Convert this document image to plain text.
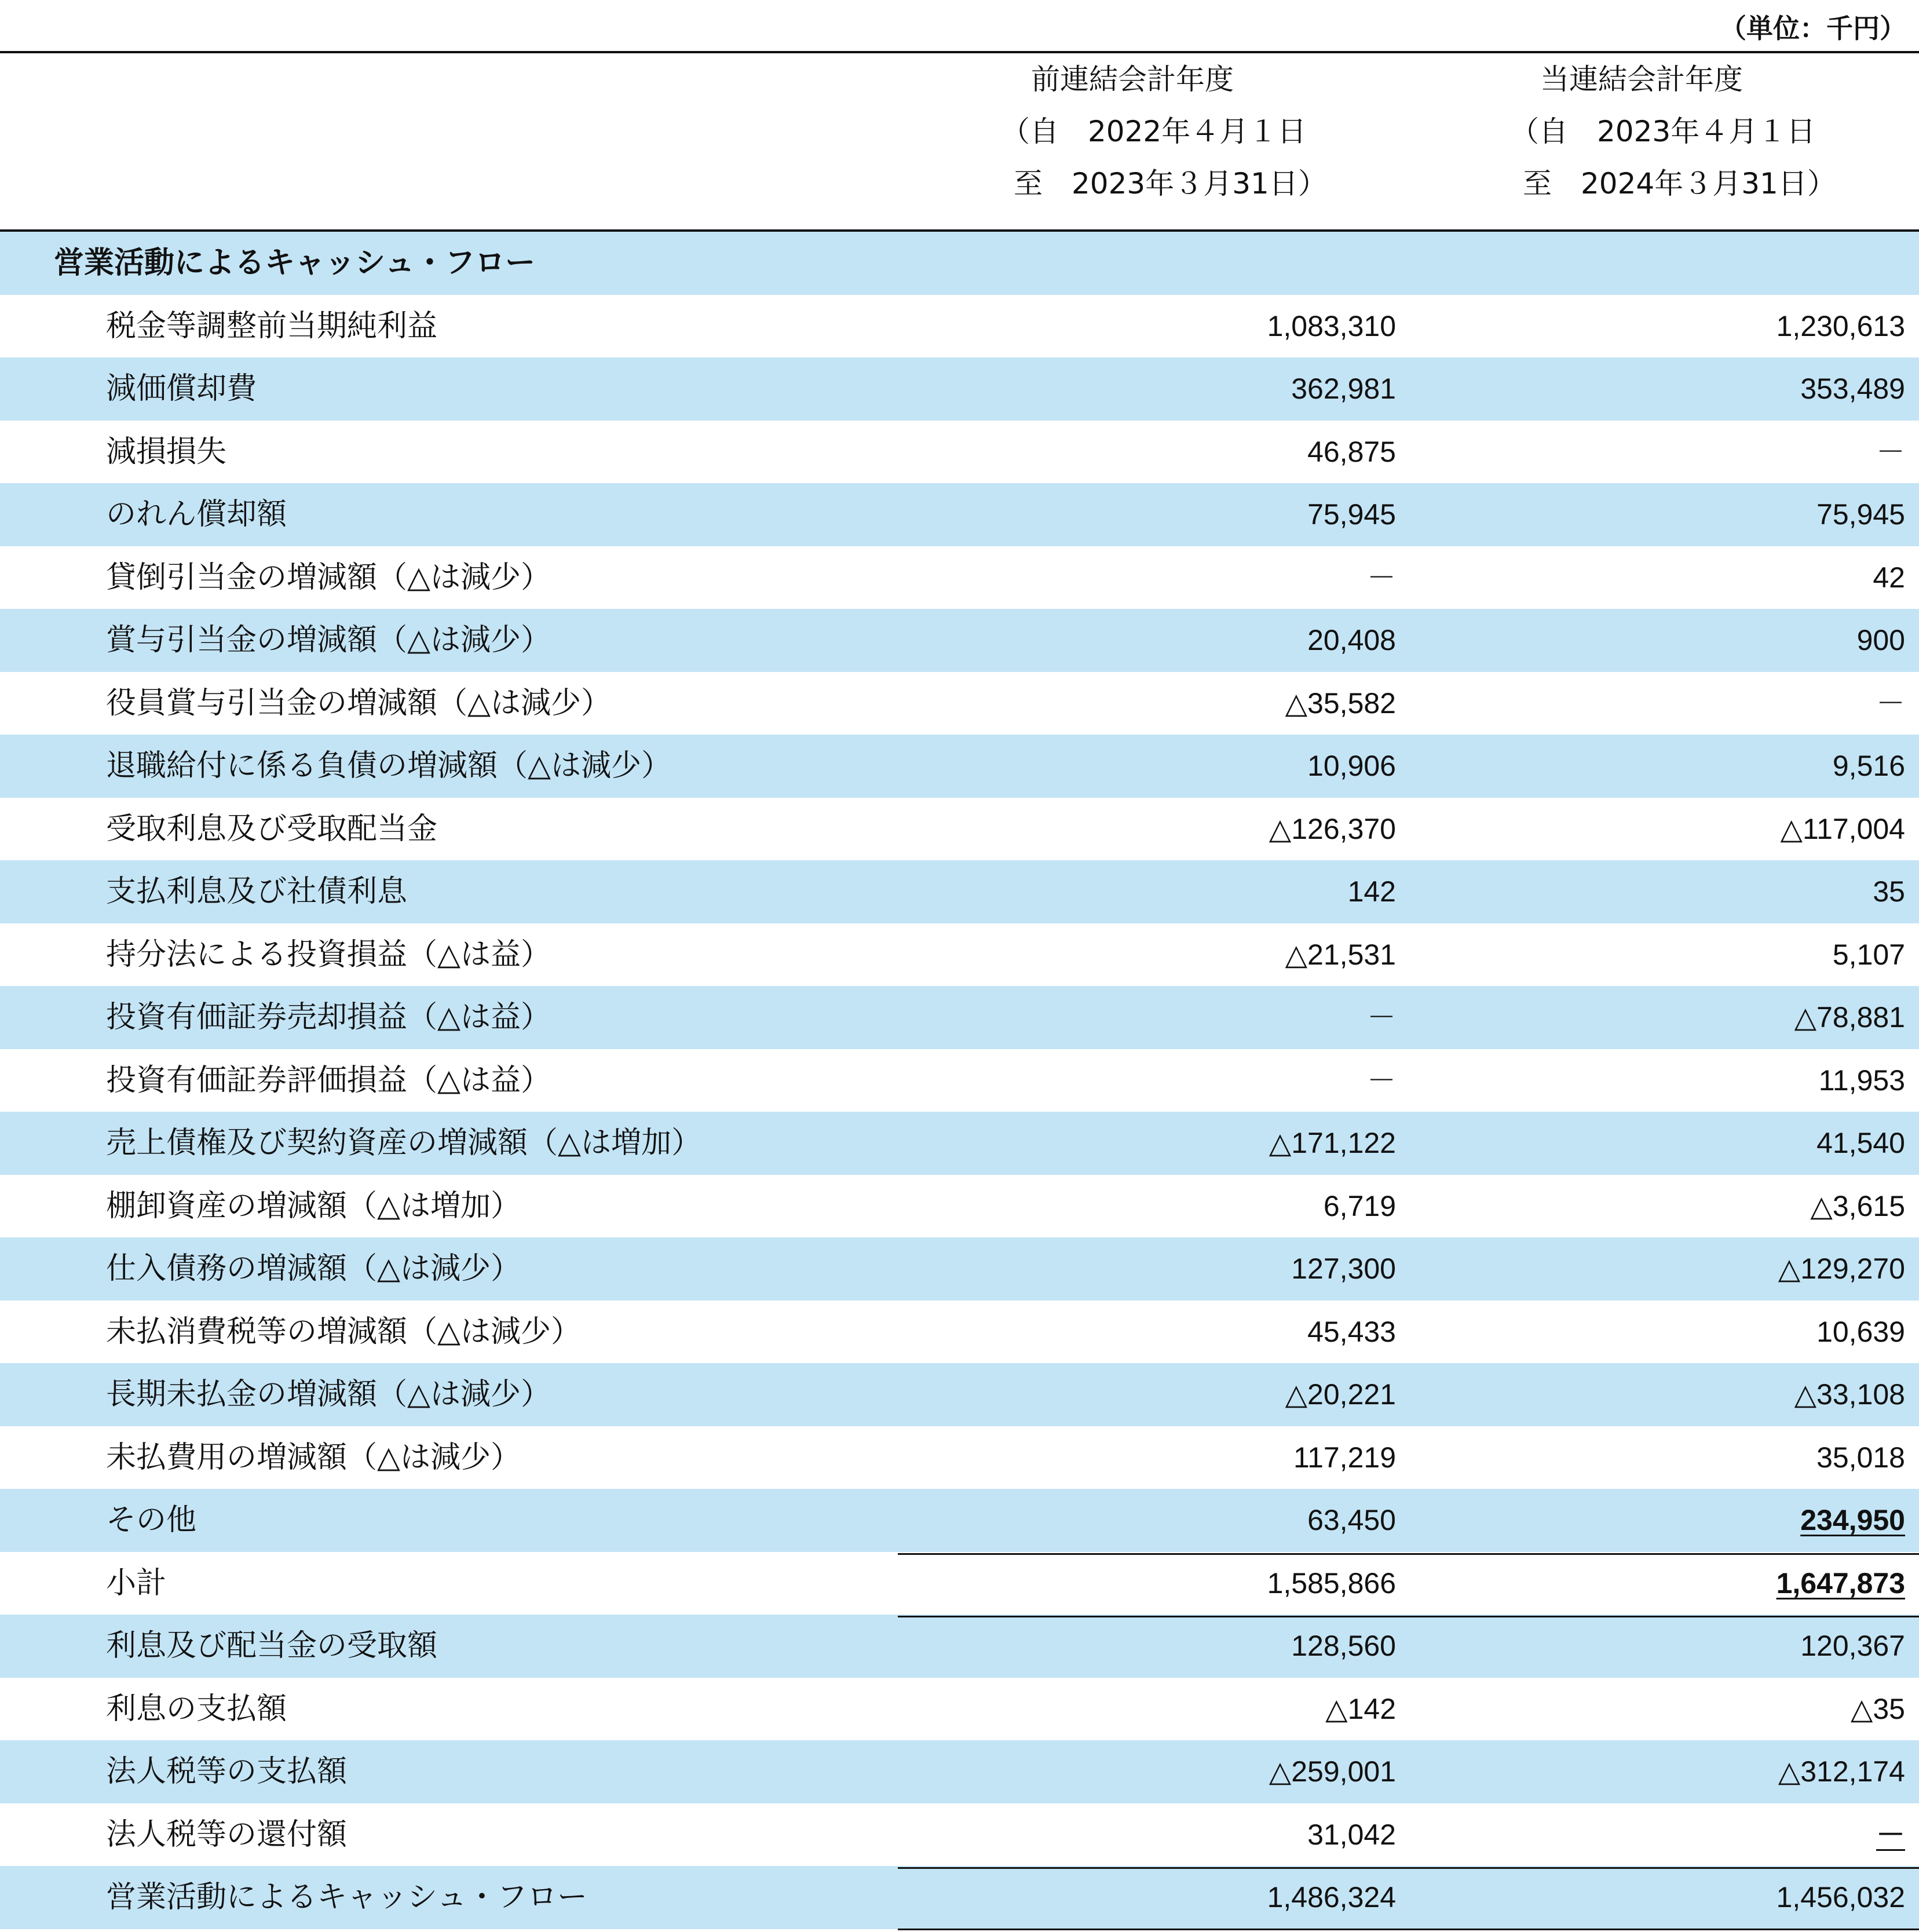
（単位：千円）
前連結会計年度
（自　2022年４月１日
至　2023年３月31日）
当連結会計年度
（自　2023年４月１日
至　2024年３月31日）
営業活動によるキャッシュ・フロー
税金等調整前当期純利益	1,083,310	1,230,613
減価償却費	362,981	353,489
減損損失	46,875	－
のれん償却額	75,945	75,945
貸倒引当金の増減額（△は減少）	－	42
賞与引当金の増減額（△は減少）	20,408	900
役員賞与引当金の増減額（△は減少）	△35,582	－
退職給付に係る負債の増減額（△は減少）	10,906	9,516
受取利息及び受取配当金	△126,370	△117,004
支払利息及び社債利息	142	35
持分法による投資損益（△は益）	△21,531	5,107
投資有価証券売却損益（△は益）	－	△78,881
投資有価証券評価損益（△は益）	－	11,953
売上債権及び契約資産の増減額（△は増加）	△171,122	41,540
棚卸資産の増減額（△は増加）	6,719	△3,615
仕入債務の増減額（△は減少）	127,300	△129,270
未払消費税等の増減額（△は減少）	45,433	10,639
長期未払金の増減額（△は減少）	△20,221	△33,108
未払費用の増減額（△は減少）	117,219	35,018
その他	63,450	234,950
小計	1,585,866	1,647,873
利息及び配当金の受取額	128,560	120,367
利息の支払額	△142	△35
法人税等の支払額	△259,001	△312,174
法人税等の還付額	31,042	－
営業活動によるキャッシュ・フロー	1,486,324	1,456,032
